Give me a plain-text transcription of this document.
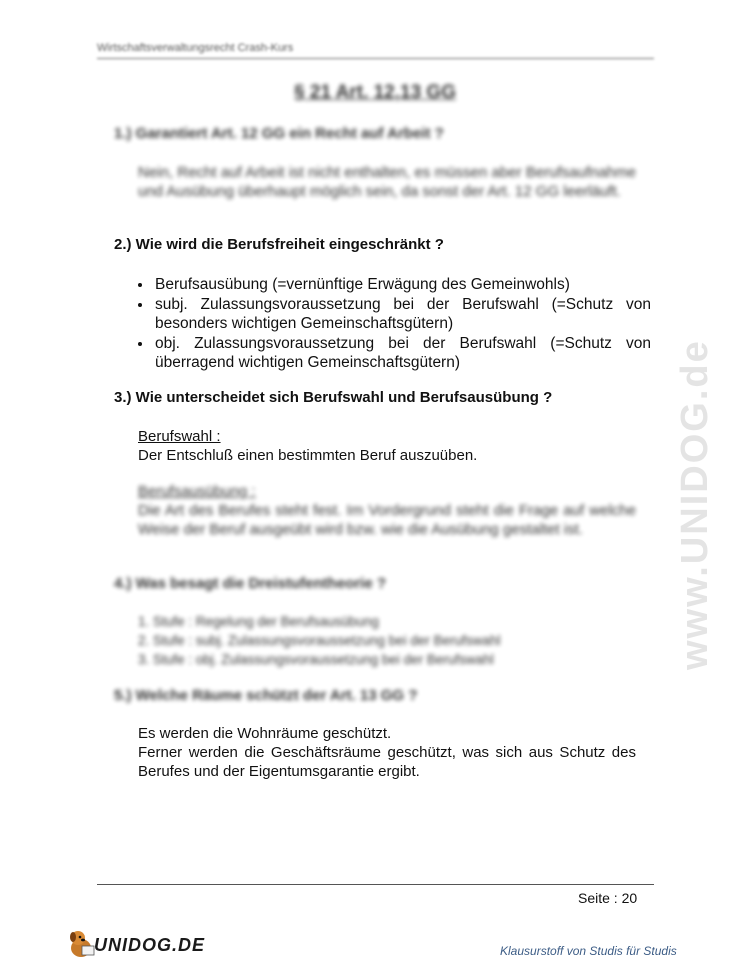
Wirtschaftsverwaltungsrecht Crash-Kurs
§ 21 Art. 12,13 GG
1.) Garantiert Art. 12 GG ein Recht auf Arbeit ?
Nein, Recht auf Arbeit ist nicht enthalten, es müssen aber Berufsaufnahme und Ausübung überhaupt möglich sein, da sonst der Art. 12 GG leerläuft.
2.) Wie wird die Berufsfreiheit eingeschränkt ?
• Berufsausübung (=vernünftige Erwägung des Gemeinwohls)
• subj. Zulassungsvoraussetzung bei der Berufswahl (=Schutz von besonders wichtigen Gemeinschaftsgütern)
• obj. Zulassungsvoraussetzung bei der Berufswahl (=Schutz von überragend wichtigen Gemeinschaftsgütern)
3.) Wie unterscheidet sich Berufswahl und Berufsausübung ?
Berufswahl :
Der Entschluß einen bestimmten Beruf auszuüben.
Berufsausübung :
Die Art des Berufes steht fest. Im Vordergrund steht die Frage auf welche Weise der Beruf ausgeübt wird bzw. wie die Ausübung gestaltet ist.
4.) Was besagt die Dreistufentheorie ?
1. Stufe : Regelung der Berufsausübung
2. Stufe : subj. Zulassungsvoraussetzung bei der Berufswahl
3. Stufe : obj. Zulassungsvoraussetzung bei der Berufswahl
5.) Welche Räume schützt der Art. 13 GG ?
Es werden die Wohnräume geschützt.
Ferner werden die Geschäftsräume geschützt, was sich aus Schutz des Berufes und der Eigentumsgarantie ergibt.
www.UNIDOG.de
Seite : 20
UNIDOG.DE	Klausurstoff von Studis für Studis
